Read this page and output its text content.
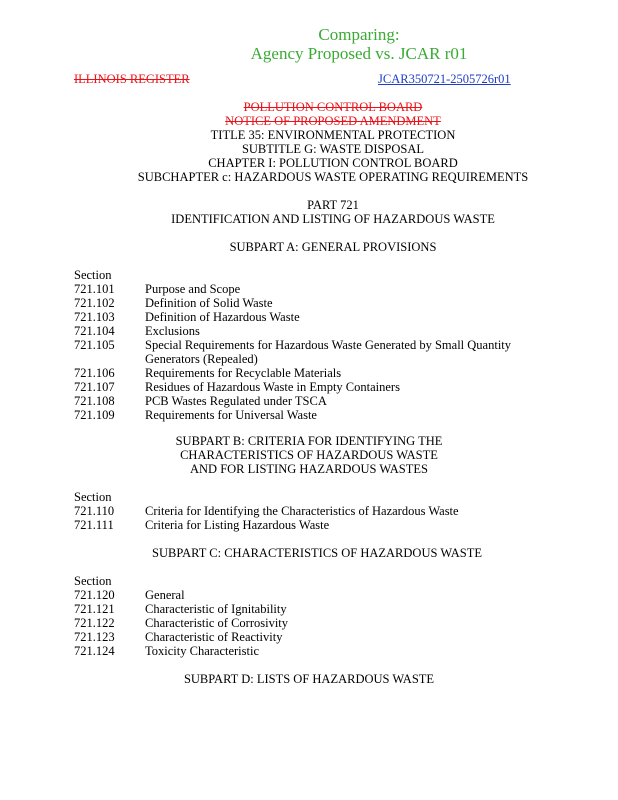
Comparing:
Agency Proposed vs. JCAR r01
ILLINOIS REGISTER	JCAR350721-2505726r01
POLLUTION CONTROL BOARD
NOTICE OF PROPOSED AMENDMENT
TITLE 35: ENVIRONMENTAL PROTECTION
SUBTITLE G: WASTE DISPOSAL
CHAPTER I: POLLUTION CONTROL BOARD
SUBCHAPTER c: HAZARDOUS WASTE OPERATING REQUIREMENTS
PART 721
IDENTIFICATION AND LISTING OF HAZARDOUS WASTE
SUBPART A: GENERAL PROVISIONS
Section
721.101 Purpose and Scope
721.102 Definition of Solid Waste
721.103 Definition of Hazardous Waste
721.104 Exclusions
721.105 Special Requirements for Hazardous Waste Generated by Small Quantity
Generators (Repealed)
721.106 Requirements for Recyclable Materials
721.107 Residues of Hazardous Waste in Empty Containers
721.108 PCB Wastes Regulated under TSCA
721.109 Requirements for Universal Waste
SUBPART B: CRITERIA FOR IDENTIFYING THE
CHARACTERISTICS OF HAZARDOUS WASTE
AND FOR LISTING HAZARDOUS WASTES
Section
721.110 Criteria for Identifying the Characteristics of Hazardous Waste
721.111	Criteria for Listing Hazardous Waste
SUBPART C: CHARACTERISTICS OF HAZARDOUS WASTE
Section
721.120 General
721.121 Characteristic of Ignitability
721.122 Characteristic of Corrosivity
721.123 Characteristic of Reactivity
721.124 Toxicity Characteristic
SUBPART D: LISTS OF HAZARDOUS WASTE
